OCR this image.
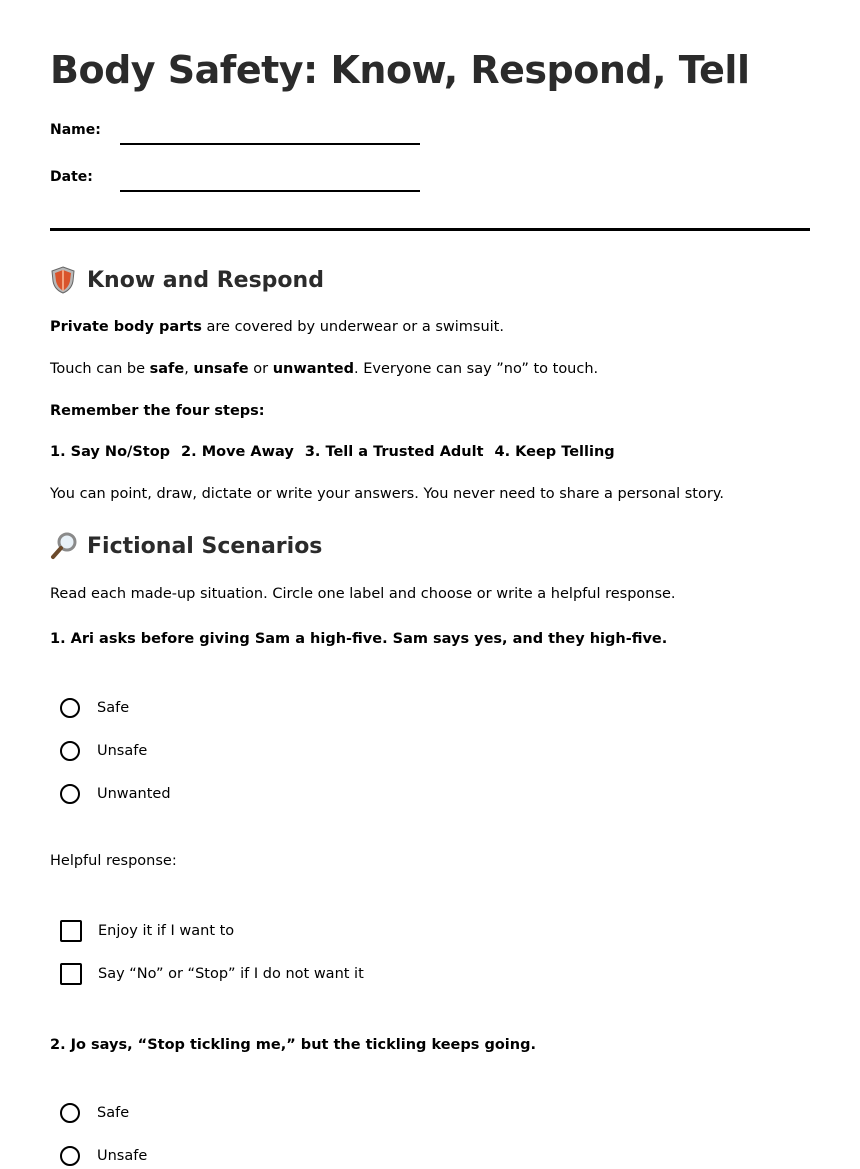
Body Safety: Know, Respond, Tell
Name:
Date:
Know and Respond

Private body parts are covered by underwear or a swimsuit.

Touch can be safe, unsafe or unwanted. Everyone can say ”no” to touch.

Remember the four steps:

1. Say No/Stop 2. Move Away 3. Tell a Trusted Adult 4. Keep Telling

You can point, draw, dictate or write your answers. You never need to share a personal story.

Fictional Scenarios

Read each made-up situation. Circle one label and choose or write a helpful response.

1. Ari asks before giving Sam a high-five. Sam says yes, and they high-five.

Safe
Unsafe
Unwanted

Helpful response:

Enjoy it if I want to
Say “No” or “Stop” if I do not want it

2. Jo says, “Stop tickling me,” but the tickling keeps going.

Safe
Unsafe
